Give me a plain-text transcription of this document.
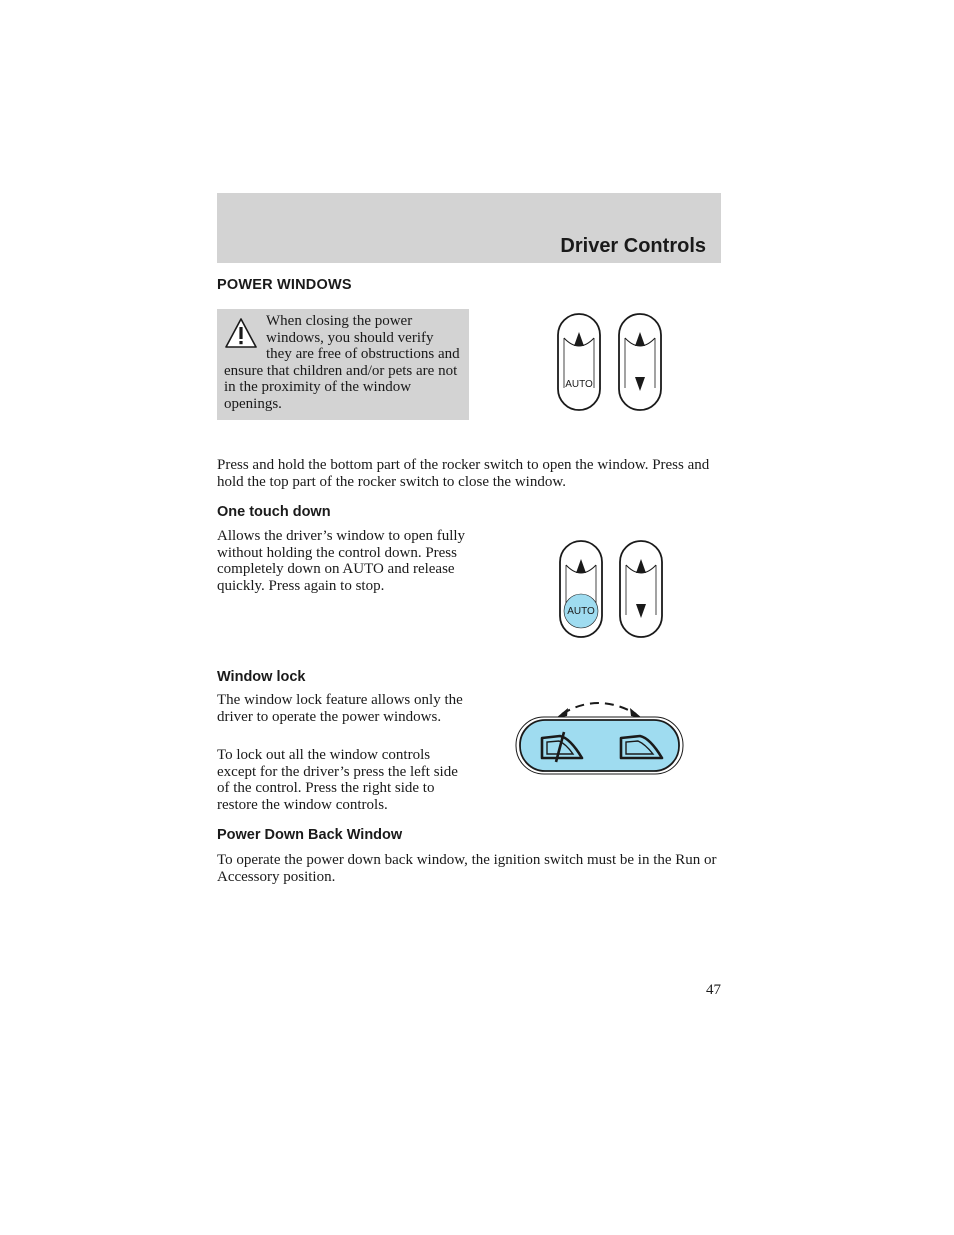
Driver Controls
POWER WINDOWS

When closing the power windows, you should verify they are free of obstructions and ensure that children and/or pets are not in the proximity of the window openings.

AUTO

Press and hold the bottom part of the rocker switch to open the window. Press and hold the top part of the rocker switch to close the window.

One touch down

Allows the driver’s window to open fully without holding the control down. Press completely down on AUTO and release quickly. Press again to stop.

AUTO
Window lock

The window lock feature allows only the driver to operate the power windows.

To lock out all the window controls except for the driver’s press the left side of the control. Press the right side to restore the window controls.

Power Down Back Window

To operate the power down back window, the ignition switch must be in the Run or Accessory position.

47
